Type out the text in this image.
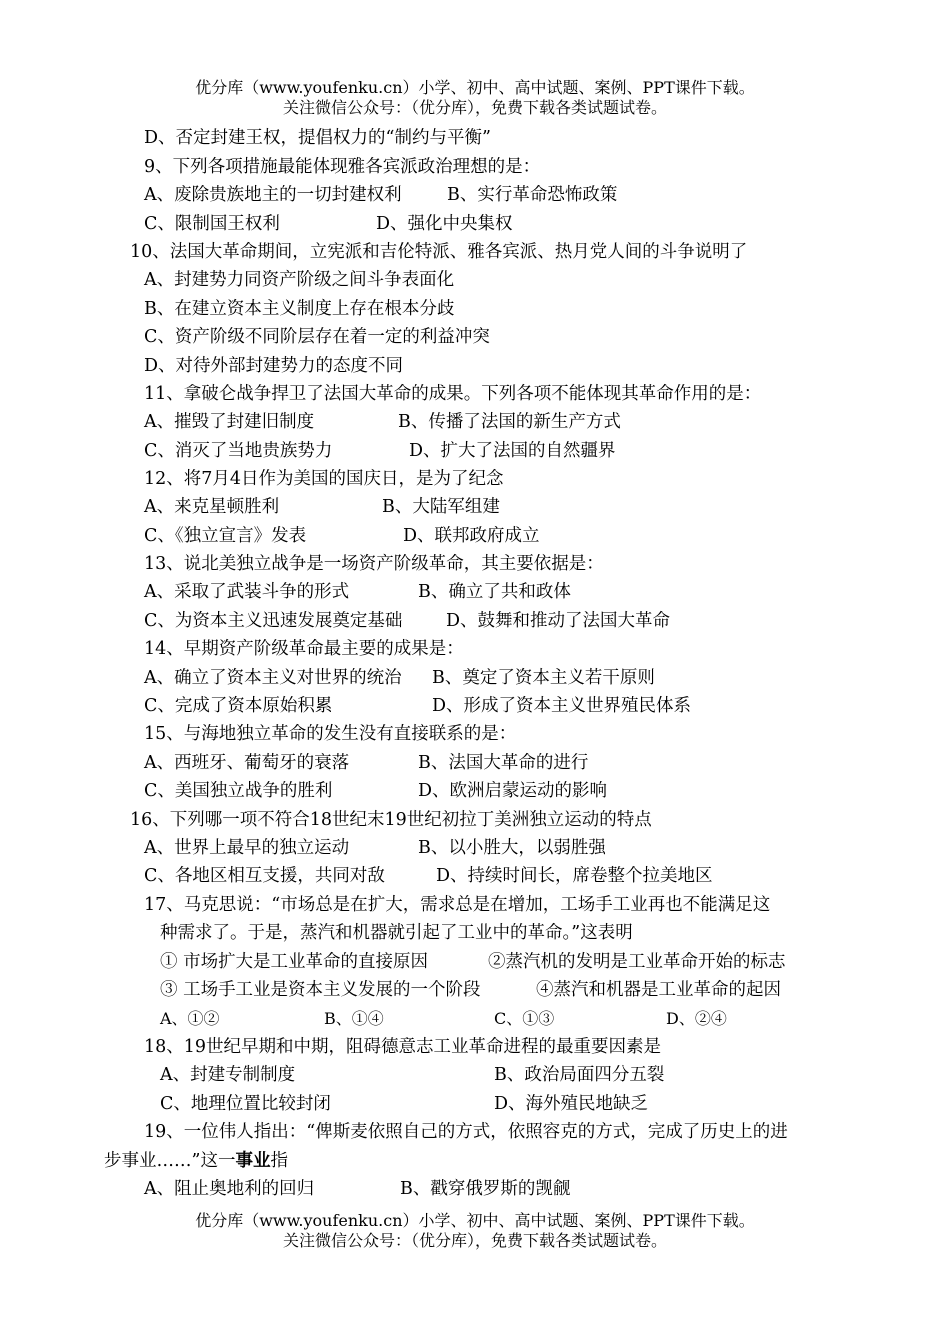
优分库（www.youfenku.cn）小学、初中、高中试题、案例、PPT课件下载。
关注微信公众号：（优分库），免费下载各类试题试卷。
D、否定封建王权，提倡权力的“制约与平衡”
9、下列各项措施最能体现雅各宾派政治理想的是：
A、废除贵族地主的一切封建权利	B、实行革命恐怖政策
C、限制国王权利	D、强化中央集权
10、法国大革命期间，立宪派和吉伦特派、雅各宾派、热月党人间的斗争说明了
A、封建势力同资产阶级之间斗争表面化
B、在建立资本主义制度上存在根本分歧
C、资产阶级不同阶层存在着一定的利益冲突
D、对待外部封建势力的态度不同
11、拿破仑战争捍卫了法国大革命的成果。下列各项不能体现其革命作用的是：
A、摧毁了封建旧制度	B、传播了法国的新生产方式
C、消灭了当地贵族势力	D、扩大了法国的自然疆界
12、将7月4日作为美国的国庆日，是为了纪念
A、来克星顿胜利	B、大陆军组建
C、《独立宣言》发表	D、联邦政府成立
13、说北美独立战争是一场资产阶级革命，其主要依据是：
A、采取了武装斗争的形式	B、确立了共和政体
C、为资本主义迅速发展奠定基础 D、鼓舞和推动了法国大革命
14、早期资产阶级革命最主要的成果是：
A、确立了资本主义对世界的统治 B、奠定了资本主义若干原则
C、完成了资本原始积累	D、形成了资本主义世界殖民体系
15、与海地独立革命的发生没有直接联系的是：
A、西班牙、葡萄牙的衰落	B、法国大革命的进行
C、美国独立战争的胜利	D、欧洲启蒙运动的影响
16、下列哪一项不符合18世纪末19世纪初拉丁美洲独立运动的特点
A、世界上最早的独立运动	B、以小胜大，以弱胜强
C、各地区相互支援，共同对敌	D、持续时间长，席卷整个拉美地区
17、马克思说：“市场总是在扩大，需求总是在增加，工场手工业再也不能满足这
种需求了。于是，蒸汽和机器就引起了工业中的革命。”这表明
① 市场扩大是工业革命的直接原因	②蒸汽机的发明是工业革命开始的标志
③ 工场手工业是资本主义发展的一个阶段	④蒸汽和机器是工业革命的起因
A、①②	B、①④	C、①③	D、②④
18、19世纪早期和中期，阻碍德意志工业革命进程的最重要因素是
A、封建专制制度	B、政治局面四分五裂
C、地理位置比较封闭	D、海外殖民地缺乏
19、一位伟人指出：“俾斯麦依照自己的方式，依照容克的方式，完成了历史上的进
步事业……”这一事业指
A、阻止奥地利的回归	B、戳穿俄罗斯的觊觎
优分库（www.youfenku.cn）小学、初中、高中试题、案例、PPT课件下载。
关注微信公众号：（优分库），免费下载各类试题试卷。
